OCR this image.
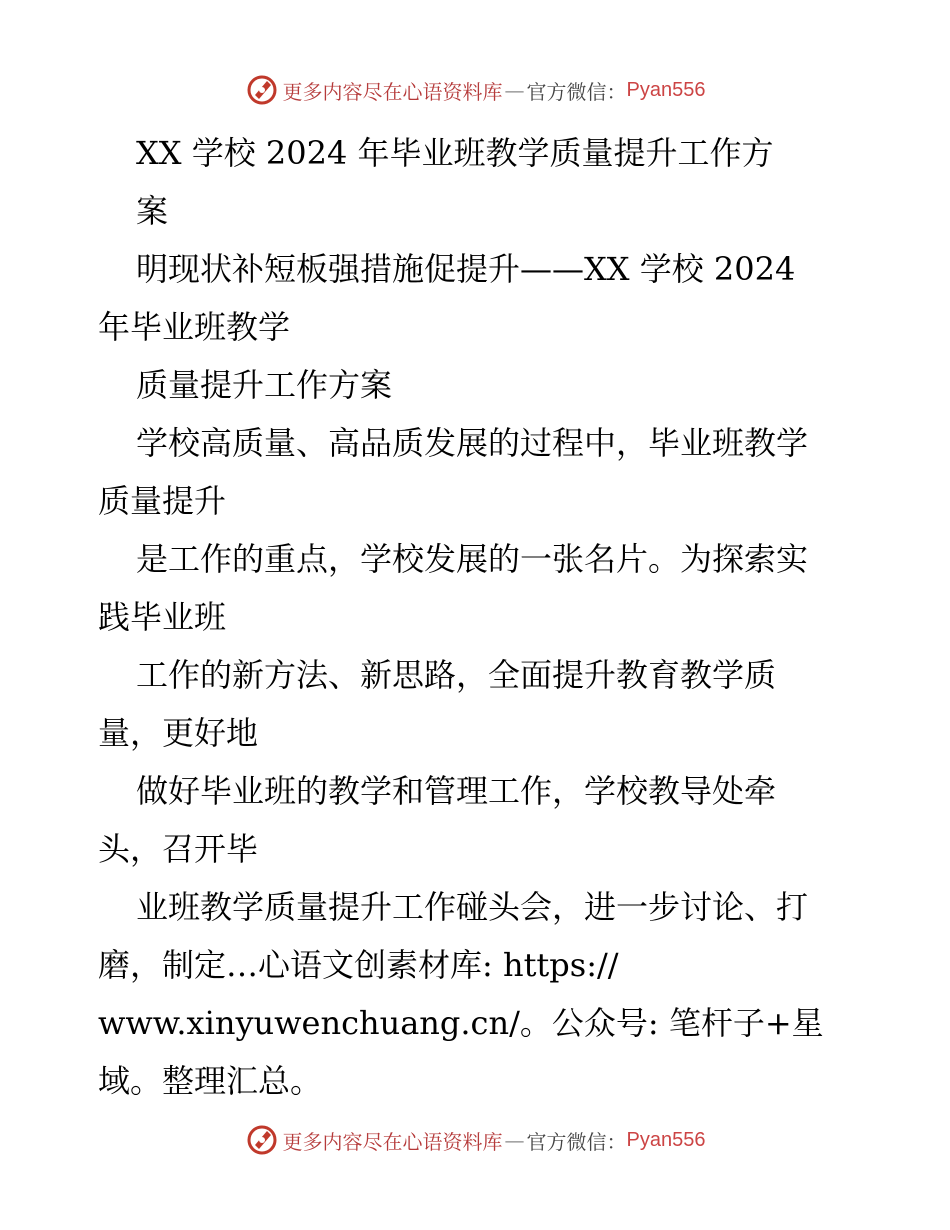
更多内容尽在心语资料库 — 官方微信： Pyan556
XX 学校 2024 年毕业班教学质量提升工作方
案
明现状补短板强措施促提升——XX 学校 2024
年毕业班教学
质量提升工作方案
学校高质量、高品质发展的过程中，毕业班教学
质量提升
是工作的重点，学校发展的一张名片。为探索实
践毕业班
工作的新方法、新思路，全面提升教育教学质
量，更好地
做好毕业班的教学和管理工作，学校教导处牵
头，召开毕
业班教学质量提升工作碰头会，进一步讨论、打
磨，制定…心语文创素材库: https://
www.xinyuwenchuang.cn/。公众号: 笔杆子+星
域。整理汇总。
更多内容尽在心语资料库 — 官方微信： Pyan556
